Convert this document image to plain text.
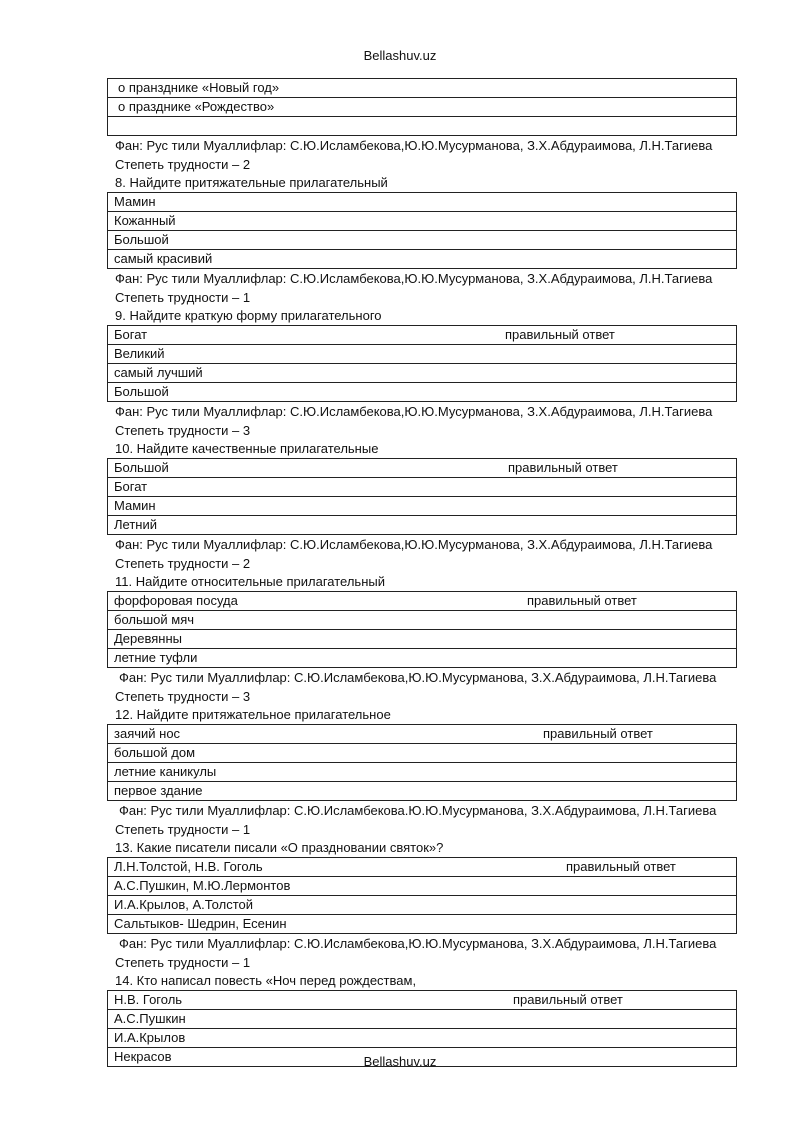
Bellashuv.uz
о пранзднике «Новый год»
о празднике «Рождество»
Фан: Рус тили Муаллифлар: С.Ю.Исламбекова,Ю.Ю.Мусурманова, З.Х.Абдураимова, Л.Н.Тагиева
Степеть трудности – 2
8. Найдите притяжательные прилагательный
Мамин
Кожанный
Большой
самый красивий
Фан: Рус тили Муаллифлар: С.Ю.Исламбекова,Ю.Ю.Мусурманова, З.Х.Абдураимова, Л.Н.Тагиева
Степеть трудности – 1
9. Найдите краткую форму прилагательного
Богат	правильный ответ
Великий
самый лучший
Большой
Фан: Рус тили Муаллифлар: С.Ю.Исламбекова,Ю.Ю.Мусурманова, З.Х.Абдураимова, Л.Н.Тагиева
Степеть трудности – 3
10. Найдите качественные прилагательные
Большой	правильный ответ
Богат
Мамин
Летний
Фан: Рус тили Муаллифлар: С.Ю.Исламбекова,Ю.Ю.Мусурманова, З.Х.Абдураимова, Л.Н.Тагиева
Степеть трудности – 2
11. Найдите относительные прилагательный
форфоровая посуда	правильный ответ
большой мяч
Деревянны
летние туфли
Фан: Рус тили Муаллифлар: С.Ю.Исламбекова,Ю.Ю.Мусурманова, З.Х.Абдураимова, Л.Н.Тагиева
Степеть трудности – 3
12. Найдите притяжательное прилагательное
заячий нос	правильный ответ
большой дом
летние каникулы
первое здание
Фан: Рус тили Муаллифлар: С.Ю.Исламбекова.Ю.Ю.Мусурманова, З.Х.Абдураимова, Л.Н.Тагиева
Степеть трудности – 1
13. Какие писатели писали «О праздновании святок»?
Л.Н.Толстой, Н.В. Гоголь	правильный ответ
А.С.Пушкин, М.Ю.Лермонтов
И.А.Крылов, А.Толстой
Сальтыков- Шедрин, Есенин
Фан: Рус тили Муаллифлар: С.Ю.Исламбекова,Ю.Ю.Мусурманова, З.Х.Абдураимова, Л.Н.Тагиева
Степеть трудности – 1
14. Кто написал повесть «Ноч перед рождествам,
Н.В. Гоголь	правильный ответ
А.С.Пушкин
И.А.Крылов
Некрасов	Bellashuv.uz
